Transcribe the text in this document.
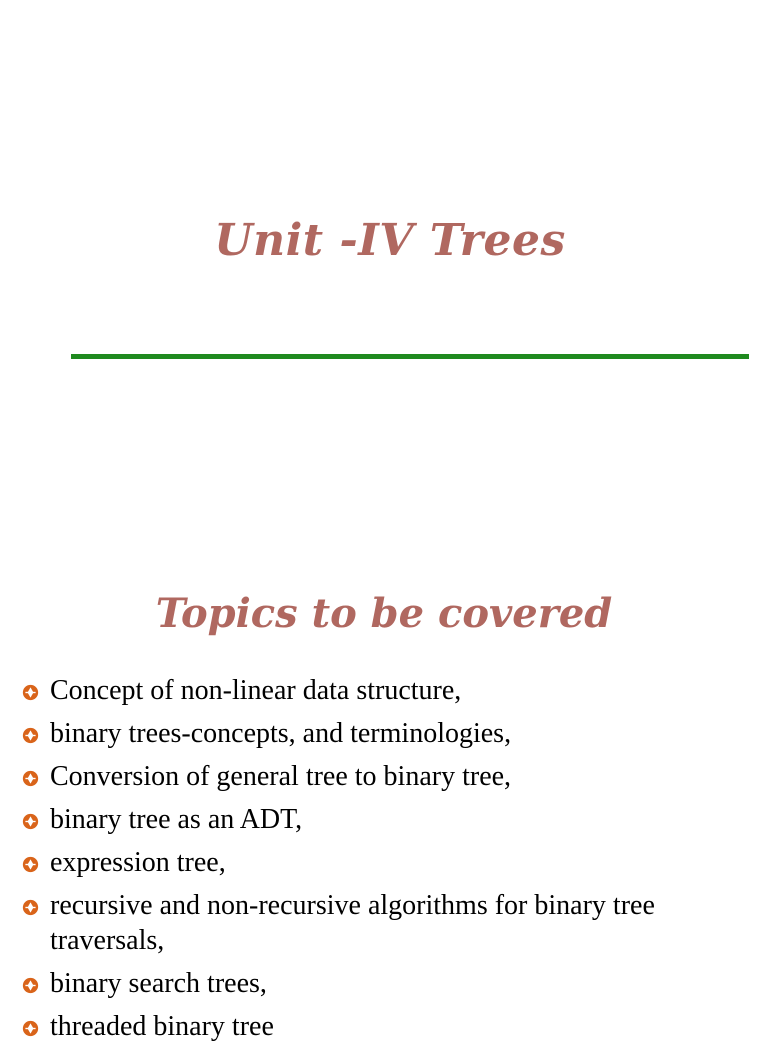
Unit -IV Trees
Topics to be covered
Concept of non-linear data structure,
binary trees-concepts, and terminologies,
Conversion of general tree to binary tree,
binary tree as an ADT,
expression tree,
recursive and non-recursive algorithms for binary tree traversals,
binary search trees,
threaded binary tree
